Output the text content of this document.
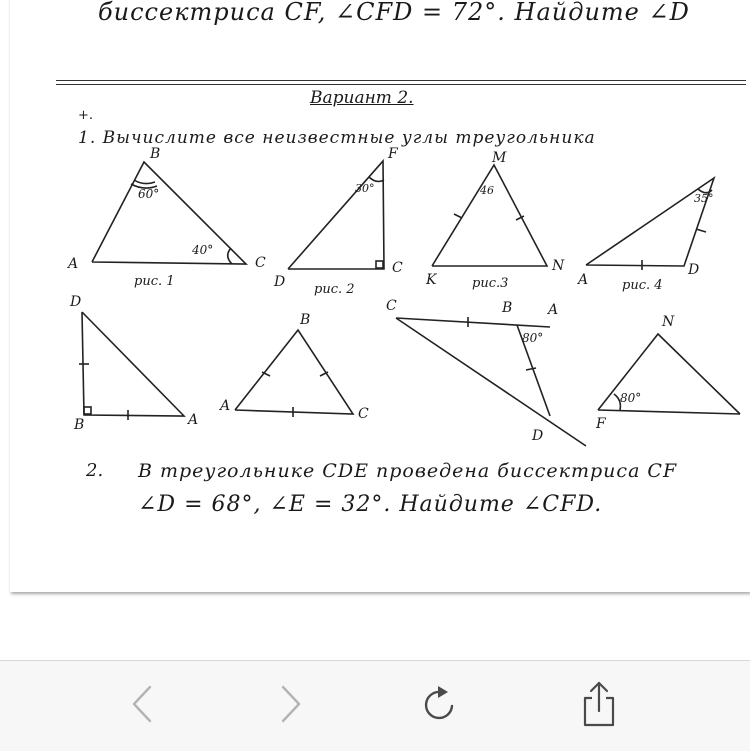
биссектриса CF, ∠CFD = 72°. Найдите ∠D
Вариант 2.
+.
1. Вычислите все неизвестные углы треугольника
B
A	C
60°
40°
рис. 1
F
D
C
30°
рис. 2
M
K
N
46
рис.3	A
D
35°
рис. 4
D
B	A
B
A	C
C	B	A
D
80°
N
F
80°
2. В треугольнике CDE проведена биссектриса CF
∠D = 68°, ∠E = 32°. Найдите ∠CFD.
